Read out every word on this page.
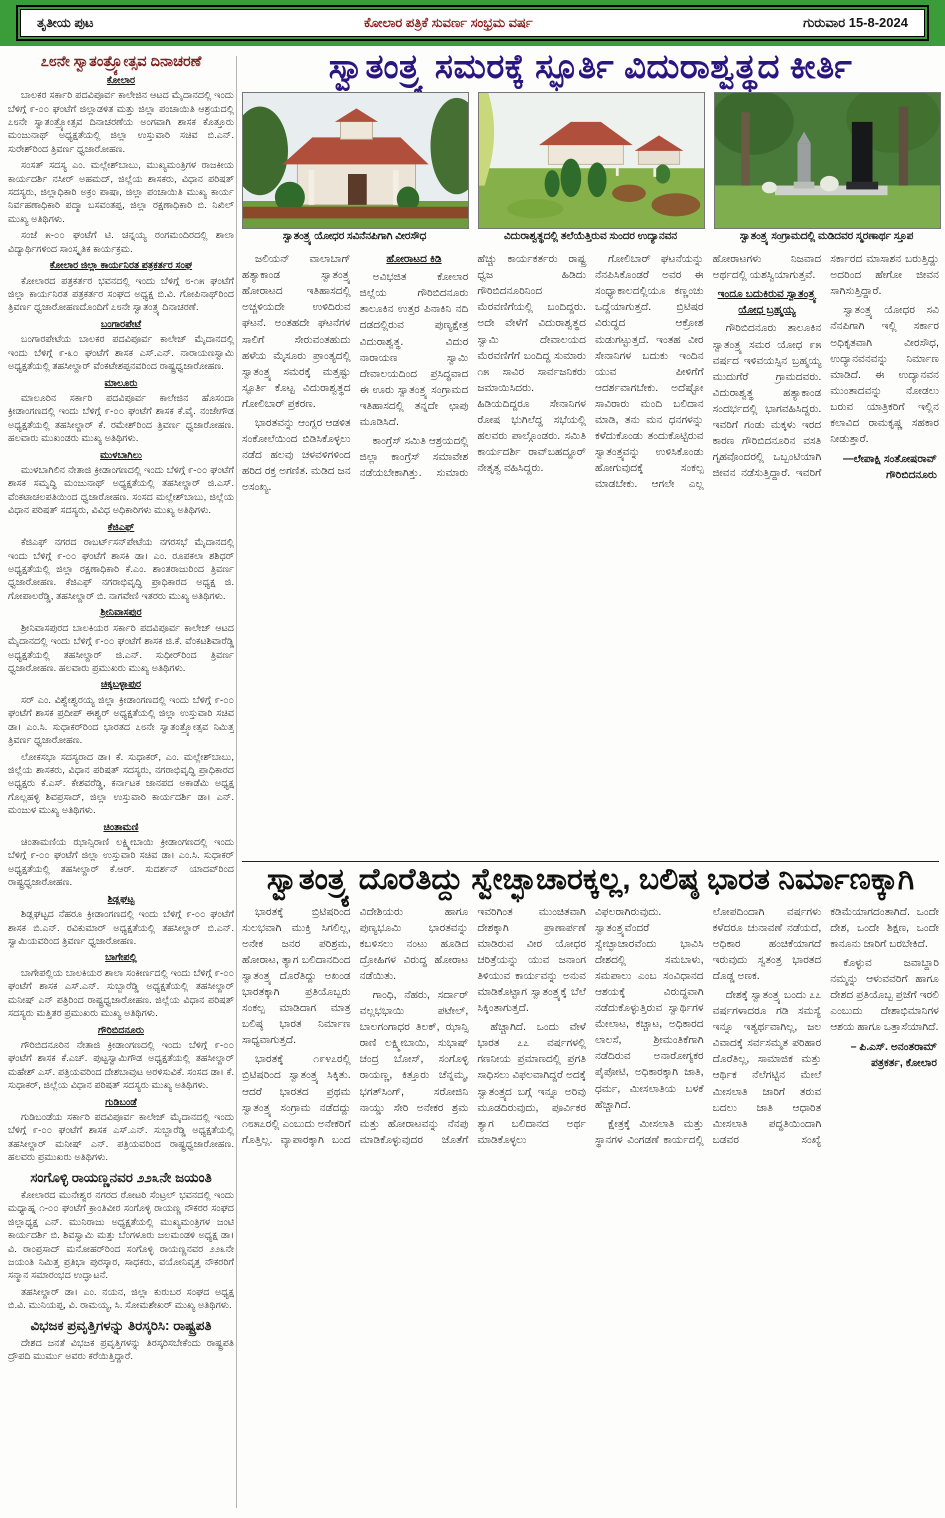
ತೃತೀಯ ಪುಟ	ಕೋಲಾರ ಪತ್ರಿಕೆ ಸುವರ್ಣ ಸಂಭ್ರಮ ವರ್ಷ	ಗುರುವಾರ 15-8-2024
೭೮ನೇ ಸ್ವಾತಂತ್ರ್ಯೋತ್ಸವ ದಿನಾಚರಣೆ
ಕೋಲಾರ

ಬಾಲಕರ ಸರ್ಕಾರಿ ಪದವಿಪೂರ್ವ ಕಾಲೇಜಿನ ಆಟದ ಮೈದಾನದಲ್ಲಿ ಇಂದು ಬೆಳಿಗ್ಗೆ ೯-೦೦ ಘಂಟೆಗೆ ಜಿಲ್ಲಾಡಳಿತ ಮತ್ತು ಜಿಲ್ಲಾ ಪಂಚಾಯಿತಿ ಆಶ್ರಯದಲ್ಲಿ ೭೮ನೇ ಸ್ವಾತಂತ್ರ್ಯೋತ್ಸವ ದಿನಾಚರಣೆಯ ಅಂಗವಾಗಿ ಶಾಸಕ ಕೊತ್ತೂರು ಮಂಜುನಾಥ್ ಅಧ್ಯಕ್ಷತೆಯಲ್ಲಿ ಜಿಲ್ಲಾ ಉಸ್ತುವಾರಿ ಸಚಿವ ಬಿ.ಎನ್. ಸುರೇಶ್‌ರಿಂದ ತ್ರಿವರ್ಣ ಧ್ವಜಾರೋಹಣ.

ಸಂಸತ್ ಸದಸ್ಯ ಎಂ. ಮಲ್ಲೇಶ್‌ಬಾಬು, ಮುಖ್ಯಮಂತ್ರಿಗಳ ರಾಜಕೀಯ ಕಾರ್ಯದರ್ಶಿ ನಸೀರ್ ಅಹಮದ್, ಜಿಲ್ಲೆಯ ಶಾಸಕರು, ವಿಧಾನ ಪರಿಷತ್ ಸದಸ್ಯರು, ಜಿಲ್ಲಾಧಿಕಾರಿ ಅಕ್ರಂ ಪಾಷಾ, ಜಿಲ್ಲಾ ಪಂಚಾಯಿತಿ ಮುಖ್ಯ ಕಾರ್ಯ ನಿರ್ವಹಣಾಧಿಕಾರಿ ಪದ್ಮಾ ಬಸವಂತಪ್ಪ, ಜಿಲ್ಲಾ ರಕ್ಷಣಾಧಿಕಾರಿ ಬಿ. ನಿಖಿಲ್ ಮುಖ್ಯ ಅತಿಥಿಗಳು.

ಸಂಜೆ ೫-೦೦ ಘಂಟೆಗೆ ಟಿ. ಚನ್ನಯ್ಯ ರಂಗಮಂದಿರದಲ್ಲಿ ಶಾಲಾ ವಿದ್ಯಾರ್ಥಿಗಳಿಂದ ಸಾಂಸ್ಕೃತಿಕ ಕಾರ್ಯಕ್ರಮ.

ಕೋಲಾರ ಜಿಲ್ಲಾ ಕಾರ್ಯನಿರತ ಪತ್ರಕರ್ತರ ಸಂಘ

ಕೋಲಾರದ ಪತ್ರಕರ್ತರ ಭವನದಲ್ಲಿ ಇಂದು ಬೆಳಿಗ್ಗೆ ೮-೧೫ ಘಂಟೆಗೆ ಜಿಲ್ಲಾ ಕಾರ್ಯನಿರತ ಪತ್ರಕರ್ತರ ಸಂಘದ ಅಧ್ಯಕ್ಷ ಬಿ.ವಿ. ಗೋಪಿನಾಥ್‌ರಿಂದ ತ್ರಿವರ್ಣ ಧ್ವಜಾರೋಹಣದೊಂದಿಗೆ ೭೮ನೇ ಸ್ವಾತಂತ್ರ್ಯ ದಿನಾಚರಣೆ.

ಬಂಗಾರಪೇಟೆ

ಬಂಗಾರಪೇಟೆಯ ಬಾಲಕರ ಪದವಿಪೂರ್ವ ಕಾಲೇಜ್ ಮೈದಾನದಲ್ಲಿ ಇಂದು ಬೆಳಿಗ್ಗೆ ೯-೩೦ ಘಂಟೆಗೆ ಶಾಸಕ ಎಸ್.ಎನ್. ನಾರಾಯಣಸ್ವಾಮಿ ಅಧ್ಯಕ್ಷತೆಯಲ್ಲಿ ತಹಸೀಲ್ದಾರ್ ವೆಂಕಟೇಶಪ್ಪನವರಿಂದ ರಾಷ್ಟ್ರಧ್ವಜಾರೋಹಣ.

ಮಾಲೂರು

ಮಾಲೂರಿನ ಸರ್ಕಾರಿ ಪದವಿಪೂರ್ವ ಕಾಲೇಜಿನ ಹೊಸಂದಾ ಕ್ರೀಡಾಂಗಣದಲ್ಲಿ ಇಂದು ಬೆಳಿಗ್ಗೆ ೯-೦೦ ಘಂಟೆಗೆ ಶಾಸಕ ಕೆ.ವೈ. ನಂಜೇಗೌಡ ಅಧ್ಯಕ್ಷತೆಯಲ್ಲಿ ತಹಸೀಲ್ದಾರ್ ಕೆ. ರಮೇಶ್‌ರಿಂದ ತ್ರಿವರ್ಣ ಧ್ವಜಾರೋಹಣ. ಹಲವಾರು ಮುಖಂಡರು ಮುಖ್ಯ ಅತಿಥಿಗಳು.

ಮುಳಬಾಗಿಲು

ಮುಳಬಾಗಿಲಿನ ನೇತಾಜಿ ಕ್ರೀಡಾಂಗಣದಲ್ಲಿ ಇಂದು ಬೆಳಿಗ್ಗೆ ೯-೦೦ ಘಂಟೆಗೆ ಶಾಸಕ ಸಮೃದ್ಧಿ ಮಂಜುನಾಥ್ ಅಧ್ಯಕ್ಷತೆಯಲ್ಲಿ ತಹಸೀಲ್ದಾರ್ ಜಿ.ಎಸ್. ವೆಂಕಟಾಚಲಪತಿಯಿಂದ ಧ್ವಜಾರೋಹಣ. ಸಂಸದ ಮಲ್ಲೇಶ್‌ಬಾಬು, ಜಿಲ್ಲೆಯ ವಿಧಾನ ಪರಿಷತ್ ಸದಸ್ಯರು, ವಿವಿಧ ಅಧಿಕಾರಿಗಳು ಮುಖ್ಯ ಅತಿಥಿಗಳು.

ಕೆಜಿಎಫ್

ಕೆಜಿಎಫ್ ನಗರದ ರಾಬರ್ಟ್‌ಸನ್‌ಪೇಟೆಯ ನಗರಸಭೆ ಮೈದಾನದಲ್ಲಿ ಇಂದು ಬೆಳಿಗ್ಗೆ ೯-೦೦ ಘಂಟೆಗೆ ಶಾಸಕಿ ಡಾ। ಎಂ. ರೂಪಕಲಾ ಶಶಿಧರ್ ಅಧ್ಯಕ್ಷತೆಯಲ್ಲಿ ಜಿಲ್ಲಾ ರಕ್ಷಣಾಧಿಕಾರಿ ಕೆ.ಎಂ. ಶಾಂತರಾಜುರಿಂದ ತ್ರಿವರ್ಣ ಧ್ವಜಾರೋಹಣ. ಕೆಜಿಎಫ್ ನಗರಾಭಿವೃದ್ಧಿ ಪ್ರಾಧಿಕಾರದ ಅಧ್ಯಕ್ಷ ಜಿ. ಗೋಪಾಲರೆಡ್ಡಿ, ತಹಸೀಲ್ದಾರ್ ಬಿ. ನಾಗವೇಣಿ ಇತರರು ಮುಖ್ಯ ಅತಿಥಿಗಳು.

ಶ್ರೀನಿವಾಸಪುರ

ಶ್ರೀನಿವಾಸಪುರದ ಬಾಲಕಿಯರ ಸರ್ಕಾರಿ ಪದವಿಪೂರ್ವ ಕಾಲೇಜ್ ಆಟದ ಮೈದಾನದಲ್ಲಿ ಇಂದು ಬೆಳಿಗ್ಗೆ ೯-೦೦ ಘಂಟೆಗೆ ಶಾಸಕ ಜಿ.ಕೆ. ವೆಂಕಟಶಿವಾರೆಡ್ಡಿ ಅಧ್ಯಕ್ಷತೆಯಲ್ಲಿ ತಹಸೀಲ್ದಾರ್ ಜಿ.ಎನ್. ಸುಧೀರ್‌ರಿಂದ ತ್ರಿವರ್ಣ ಧ್ವಜಾರೋಹಣ. ಹಲವಾರು ಪ್ರಮುಖರು ಮುಖ್ಯ ಅತಿಥಿಗಳು.

ಚಿಕ್ಕಬಳ್ಳಾಪುರ

ಸರ್ ಎಂ. ವಿಶ್ವೇಶ್ವರಯ್ಯ ಜಿಲ್ಲಾ ಕ್ರೀಡಾಂಗಣದಲ್ಲಿ ಇಂದು ಬೆಳಿಗ್ಗೆ ೯-೦೦ ಘಂಟೆಗೆ ಶಾಸಕ ಪ್ರದೀಪ್ ಈಶ್ವರ್ ಅಧ್ಯಕ್ಷತೆಯಲ್ಲಿ ಜಿಲ್ಲಾ ಉಸ್ತುವಾರಿ ಸಚಿವ ಡಾ। ಎಂ.ಸಿ. ಸುಧಾಕರ್‌ರಿಂದ ಭಾರತದ ೭೮ನೇ ಸ್ವಾತಂತ್ರ್ಯೋತ್ಸವ ನಿಮಿತ್ತ ತ್ರಿವರ್ಣ ಧ್ವಜಾರೋಹಣ.

ಲೋಕಸಭಾ ಸದಸ್ಯರಾದ ಡಾ। ಕೆ. ಸುಧಾಕರ್, ಎಂ. ಮಲ್ಲೇಶ್‌ಬಾಬು, ಜಿಲ್ಲೆಯ ಶಾಸಕರು, ವಿಧಾನ ಪರಿಷತ್ ಸದಸ್ಯರು, ನಗರಾಭಿವೃದ್ಧಿ ಪ್ರಾಧಿಕಾರದ ಅಧ್ಯಕ್ಷರು ಕೆ.ಎಸ್. ಕೇಶವರೆಡ್ಡಿ, ಕರ್ನಾಟಕ ಜಾನಪದ ಅಕಾಡೆಮಿ ಅಧ್ಯಕ್ಷ ಗೊಲ್ಲಹಳ್ಳಿ ಶಿವಪ್ರಸಾದ್, ಜಿಲ್ಲಾ ಉಸ್ತುವಾರಿ ಕಾರ್ಯದರ್ಶಿ ಡಾ। ಎನ್. ಮಂಜುಳ ಮುಖ್ಯ ಅತಿಥಿಗಳು.

ಚಿಂತಾಮಣಿ

ಚಿಂತಾಮಣಿಯ ಝಾನ್ಸಿರಾಣಿ ಲಕ್ಷ್ಮೀಬಾಯಿ ಕ್ರೀಡಾಂಗಣದಲ್ಲಿ ಇಂದು ಬೆಳಿಗ್ಗೆ ೯-೦೦ ಘಂಟೆಗೆ ಜಿಲ್ಲಾ ಉಸ್ತುವಾರಿ ಸಚಿವ ಡಾ। ಎಂ.ಸಿ. ಸುಧಾಕರ್ ಅಧ್ಯಕ್ಷತೆಯಲ್ಲಿ ತಹಸೀಲ್ದಾರ್ ಕೆ.ಆರ್. ಸುದರ್ಶನ್ ಯಾದವ್‌ರಿಂದ ರಾಷ್ಟ್ರಧ್ವಜಾರೋಹಣ.

ಶಿಡ್ಲಘಟ್ಟ

ಶಿಡ್ಲಘಟ್ಟದ ನೆಹರೂ ಕ್ರೀಡಾಂಗಣದಲ್ಲಿ ಇಂದು ಬೆಳಿಗ್ಗೆ ೯-೦೦ ಘಂಟೆಗೆ ಶಾಸಕ ಬಿ.ಎನ್. ರವಿಕುಮಾರ್ ಅಧ್ಯಕ್ಷತೆಯಲ್ಲಿ ತಹಸೀಲ್ದಾರ್ ಬಿ.ಎನ್. ಸ್ವಾಮಿಯವರಿಂದ ತ್ರಿವರ್ಣ ಧ್ವಜಾರೋಹಣ.

ಬಾಗೇಪಲ್ಲಿ

ಬಾಗೇಪಲ್ಲಿಯ ಬಾಲಕಿಯರ ಶಾಲಾ ಸಂಕೀರ್ಣದಲ್ಲಿ ಇಂದು ಬೆಳಿಗ್ಗೆ ೯-೦೦ ಘಂಟೆಗೆ ಶಾಸಕ ಎಸ್.ಎನ್. ಸುಬ್ಬಾರೆಡ್ಡಿ ಅಧ್ಯಕ್ಷತೆಯಲ್ಲಿ ತಹಸೀಲ್ದಾರ್ ಮನೀಷ್ ಎನ್ ಪತ್ರಿರಿಂದ ರಾಷ್ಟ್ರಧ್ವಜಾರೋಹಣ. ಜಿಲ್ಲೆಯ ವಿಧಾನ ಪರಿಷತ್ ಸದಸ್ಯರು ಮತ್ತಿತರ ಪ್ರಮುಖರು ಮುಖ್ಯ ಅತಿಥಿಗಳು.

ಗೌರಿಬಿದನೂರು

ಗೌರಿಬಿದನೂರಿನ ನೇತಾಜಿ ಕ್ರೀಡಾಂಗಣದಲ್ಲಿ ಇಂದು ಬೆಳಿಗ್ಗೆ ೯-೦೦ ಘಂಟೆಗೆ ಶಾಸಕ ಕೆ.ಎಚ್. ಪುಟ್ಟಸ್ವಾಮಿಗೌಡ ಅಧ್ಯಕ್ಷತೆಯಲ್ಲಿ ತಹಸೀಲ್ದಾರ್ ಮಹೇಶ್ ಎಸ್. ಪತ್ರಿಯವರಿಂದ ದೇಶಬಾವುಟ ಅರಳಿಸುವಿಕೆ. ಸಂಸದ ಡಾ। ಕೆ. ಸುಧಾಕರ್, ಜಿಲ್ಲೆಯ ವಿಧಾನ ಪರಿಷತ್ ಸದಸ್ಯರು ಮುಖ್ಯ ಅತಿಥಿಗಳು.

ಗುಡಿಬಂಡೆ

ಗುಡಿಬಂಡೆಯ ಸರ್ಕಾರಿ ಪದವಿಪೂರ್ವ ಕಾಲೇಜ್ ಮೈದಾನದಲ್ಲಿ ಇಂದು ಬೆಳಿಗ್ಗೆ ೯-೦೦ ಘಂಟೆಗೆ ಶಾಸಕ ಎಸ್.ಎನ್. ಸುಬ್ಬಾರೆಡ್ಡಿ ಅಧ್ಯಕ್ಷತೆಯಲ್ಲಿ ತಹಸೀಲ್ದಾರ್ ಮನೀಷ್ ಎನ್. ಪತ್ರಿಯವರಿಂದ ರಾಷ್ಟ್ರಧ್ವಜಾರೋಹಣ. ಹಲವರು ಪ್ರಮುಖರು ಅತಿಥಿಗಳು.

ಸಂಗೊಳ್ಳಿ ರಾಯಣ್ಣನವರ ೨೨೩ನೇ ಜಯಂತಿ

ಕೋಲಾರದ ಮುನೇಶ್ವರ ನಗರದ ರೋಟರಿ ಸೆಂಟ್ರಲ್ ಭವನದಲ್ಲಿ ಇಂದು ಮಧ್ಯಾಹ್ನ ೧-೦೦ ಘಂಟೆಗೆ ಕ್ರಾಂತಿವೀರ ಸಂಗೊಳ್ಳಿ ರಾಯಣ್ಣ ನೌಕರರ ಸಂಘದ ಜಿಲ್ಲಾಧ್ಯಕ್ಷ ಎನ್. ಮುನಿರಾಜು ಅಧ್ಯಕ್ಷತೆಯಲ್ಲಿ ಮುಖ್ಯಮಂತ್ರಿಗಳ ಜಂಟಿ ಕಾರ್ಯದರ್ಶಿ ಬಿ. ಶಿವಸ್ವಾಮಿ ಮತ್ತು ಬೆಂಗಳೂರು ಜಲಮಂಡಳಿ ಅಧ್ಯಕ್ಷ ಡಾ। ವಿ. ರಾಂಪ್ರಸಾದ್ ಮನೋಹರ್‌ರಿಂದ ಸಂಗೊಳ್ಳಿ ರಾಯಣ್ಣನವರ ೨೨೩ನೇ ಜಯಂತಿ ನಿಮಿತ್ತ ಪ್ರತಿಭಾ ಪುರಸ್ಕಾರ, ಸಾಧಕರು, ವಯೋನಿವೃತ್ತ ನೌಕರರಿಗೆ ಸನ್ಮಾನ ಸಮಾರಂಭದ ಉದ್ಘಾಟನೆ.

ತಹಸೀಲ್ದಾರ್ ಡಾ। ಎಂ. ನಯನ, ಜಿಲ್ಲಾ ಕುರುಬರ ಸಂಘದ ಅಧ್ಯಕ್ಷ ಬಿ.ವಿ. ಮುನಿಯಪ್ಪ, ವಿ. ರಾಮಯ್ಯ, ಸಿ. ಸೋಮಶೇಖರ್ ಮುಖ್ಯ ಅತಿಥಿಗಳು.

ವಿಭಜಕ ಪ್ರವೃತ್ತಿಗಳನ್ನು ತಿರಸ್ಕರಿಸಿ: ರಾಷ್ಟ್ರಪತಿ

ದೇಶದ ಜನತೆ ವಿಭಜಕ ಪ್ರವೃತ್ತಿಗಳನ್ನು ತಿರಸ್ಕರಿಸಬೇಕೆಂದು ರಾಷ್ಟ್ರಪತಿ ದ್ರೌಪದಿ ಮುರ್ಮು ಅವರು ಕರೆಯಿತ್ತಿದ್ದಾರೆ.

ಸ್ವಾತಂತ್ರ್ಯ ಸಮರಕ್ಕೆ ಸ್ಫೂರ್ತಿ ವಿದುರಾಶ್ವತ್ಥದ ಕೀರ್ತಿ
ಸ್ವಾತಂತ್ರ್ಯ ಯೋಧರ ಸವಿನೆನಪಿಗಾಗಿ ವೀರಸೌಧ	ವಿದುರಾಶ್ವತ್ಥದಲ್ಲಿ ತಲೆಯೆತ್ತಿರುವ ಸುಂದರ ಉದ್ಯಾನವನ	ಸ್ವಾತಂತ್ರ್ಯ ಸಂಗ್ರಾಮದಲ್ಲಿ ಮಡಿದವರ ಸ್ಮರಣಾರ್ಥ ಸ್ತೂಪ

ಜಲಿಯನ್ ವಾಲಾಬಾಗ್ ಹತ್ಯಾಕಾಂಡ ಸ್ವಾತಂತ್ರ್ಯ ಹೋರಾಟದ ಇತಿಹಾಸದಲ್ಲಿ ಅಚ್ಚಳಿಯದೇ ಉಳಿದಿರುವ ಘಟನೆ. ಅಂತಹದೇ ಘಟನೆಗಳ ಸಾಲಿಗೆ ಸೇರುವಂತಹುದು ಹಳೆಯ ಮೈಸೂರು ಪ್ರಾಂತ್ಯದಲ್ಲಿ ಸ್ವಾತಂತ್ರ್ಯ ಸಮರಕ್ಕೆ ಮತ್ತಷ್ಟು ಸ್ಫೂರ್ತಿ ಕೊಟ್ಟ ವಿದುರಾಶ್ವತ್ಥದ ಗೋಲಿಬಾರ್ ಪ್ರಕರಣ.

ಭಾರತವನ್ನು ಆಂಗ್ಲರ ಆಡಳಿತ ಸಂಕೋಲೆಯಿಂದ ಬಿಡಿಸಿಕೊಳ್ಳಲು ನಡೆದ ಹಲವು ಚಳವಳಿಗಳಿಂದ ಹರಿದ ರಕ್ತ ಅಗಣಿತ. ಮಡಿದ ಜನ ಅಸಂಖ್ಯ.

ಹೋರಾಟದ ಕಿಡಿ

ಅವಿಭಜಿತ ಕೋಲಾರ ಜಿಲ್ಲೆಯ ಗೌರಿಬಿದನೂರು ತಾಲೂಕಿನ ಉತ್ತರ ಪಿನಾಕಿನಿ ನದಿ ದಡದಲ್ಲಿರುವ ಪುಣ್ಯಕ್ಷೇತ್ರ ವಿದುರಾಶ್ವತ್ಥ. ವಿದುರ ನಾರಾಯಣ ಸ್ವಾಮಿ ದೇವಾಲಯದಿಂದ ಪ್ರಸಿದ್ಧವಾದ ಈ ಊರು ಸ್ವಾತಂತ್ರ್ಯ ಸಂಗ್ರಾಮದ ಇತಿಹಾಸದಲ್ಲಿ ತನ್ನದೇ ಛಾಪು ಮೂಡಿಸಿದೆ.

ಕಾಂಗ್ರೆಸ್ ಸಮಿತಿ ಆಶ್ರಯದಲ್ಲಿ ಜಿಲ್ಲಾ ಕಾಂಗ್ರೆಸ್ ಸಮಾವೇಶ ನಡೆಯಬೇಕಾಗಿತ್ತು. ಸುಮಾರು ಹೆಚ್ಚು ಕಾರ್ಯಕರ್ತರು ರಾಷ್ಟ್ರ ಧ್ವಜ ಹಿಡಿದು ಗೌರಿಬಿದನೂರಿನಿಂದ ಮೆರವಣಿಗೆಯಲ್ಲಿ ಬಂದಿದ್ದರು. ಅದೇ ವೇಳೆಗೆ ವಿದುರಾಶ್ವತ್ಥದ ಸ್ವಾಮಿ ದೇವಾಲಯದ ಮೆರವಣಿಗೆಗೆ ಬಂದಿದ್ದ ಸುಮಾರು ೧೫ ಸಾವಿರ ಸಾರ್ವಜನಿಕರು ಜಮಾಯಿಸಿದರು. ಹಿಡಿಯದಿದ್ದರೂ ಸೇನಾನಿಗಳ ರೋಷ ಭುಗಿಲೆದ್ದ ಸಭೆಯಲ್ಲಿ ಹಲವರು ಪಾಲ್ಗೊಂಡರು. ಸಮಿತಿ ಕಾರ್ಯದರ್ಶಿ ರಾವ್‌ಬಹದ್ದೂರ್ ನೇತೃತ್ವ ವಹಿಸಿದ್ದರು.

ಗೋಲಿಬಾರ್ ಘಟನೆಯನ್ನು ನೆನಪಿಸಿಕೊಂಡರೆ ಅವರ ಈ ಸಂಧ್ಯಾಕಾಲದಲ್ಲಿಯೂ ಕಣ್ಣಂಚು ಒದ್ದೆಯಾಗುತ್ತದೆ. ಬ್ರಿಟಿಷರ ವಿರುದ್ಧದ ಆಕ್ರೋಶ ಮಡುಗಟ್ಟುತ್ತದೆ. ಇಂತಹ ವೀರ ಸೇನಾನಿಗಳ ಬದುಕು ಇಂದಿನ ಯುವ ಪೀಳಿಗೆಗೆ ಆದರ್ಶವಾಗಬೇಕು. ಅದೆಷ್ಟೋ ಸಾವಿರಾರು ಮಂದಿ ಬಲಿದಾನ ಮಾಡಿ, ತನು ಮನ ಧನಗಳನ್ನು ಕಳೆದುಕೊಂಡು ತಂದುಕೊಟ್ಟಿರುವ ಸ್ವಾತಂತ್ರ್ಯವನ್ನು ಉಳಿಸಿಕೊಂಡು ಹೋಗುವುದಕ್ಕೆ ಸಂಕಲ್ಪ ಮಾಡಬೇಕು. ಆಗಲೇ ಎಲ್ಲ ಹೋರಾಟಗಳು ನಿಜವಾದ ಅರ್ಥದಲ್ಲಿ ಯಶಸ್ವಿಯಾಗುತ್ತವೆ.

ಇಂದೂ ಬದುಕಿರುವ ಸ್ವಾತಂತ್ರ್ಯ ಯೋಧ ಬ್ರಹ್ಮಯ್ಯ

ಗೌರಿಬಿದನೂರು ತಾಲೂಕಿನ ಸ್ವಾತಂತ್ರ್ಯ ಸಮರ ಯೋಧ ೯೫ ವರ್ಷದ ಇಳಿವಯಸ್ಸಿನ ಬ್ರಹ್ಮಯ್ಯ ಮುದುಗೆರೆ ಗ್ರಾಮದವರು. ವಿದುರಾಶ್ವತ್ಥ ಹತ್ಯಾಕಾಂಡ ಸಂದರ್ಭದಲ್ಲಿ ಭಾಗವಹಿಸಿದ್ದರು. ಇವರಿಗೆ ಗಂಡು ಮಕ್ಕಳು ಇರದ ಕಾರಣ ಗೌರಿಬಿದನೂರಿನ ವಸತಿ ಗೃಹವೊಂದರಲ್ಲಿ ಒಬ್ಬಂಟಿಯಾಗಿ ಜೀವನ ನಡೆಸುತ್ತಿದ್ದಾರೆ. ಇವರಿಗೆ ಸರ್ಕಾರದ ಮಾಸಾಶನ ಬರುತ್ತಿದ್ದು ಅದರಿಂದ ಹೇಗೋ ಜೀವನ ಸಾಗಿಸುತ್ತಿದ್ದಾರೆ.

ಸ್ವಾತಂತ್ರ್ಯ ಯೋಧರ ಸವಿ ನೆನಪಿಗಾಗಿ ಇಲ್ಲಿ ಸರ್ಕಾರ ಅಧಿಕೃತವಾಗಿ ವೀರಸೌಧ, ಉದ್ಯಾನವನವನ್ನು ನಿರ್ಮಾಣ ಮಾಡಿದೆ. ಈ ಉದ್ಯಾನವನ ಮುಂತಾದವನ್ನು ನೋಡಲು ಬರುವ ಯಾತ್ರಿಕರಿಗೆ ಇಲ್ಲಿನ ಕಲಾವಿದ ರಾಮಕೃಷ್ಣ ಸಹಕಾರ ನೀಡುತ್ತಾರೆ.

—ಲೇಪಾಕ್ಷಿ ಸಂತೋಷರಾವ್
ಗೌರಿಬಿದನೂರು
ಸ್ವಾತಂತ್ರ್ಯ ದೊರೆತಿದ್ದು ಸ್ವೇಚ್ಛಾಚಾರಕ್ಕಲ್ಲ, ಬಲಿಷ್ಠ ಭಾರತ ನಿರ್ಮಾಣಕ್ಕಾಗಿ

ಭಾರತಕ್ಕೆ ಬ್ರಿಟಿಷರಿಂದ ಸುಲಭವಾಗಿ ಮುಕ್ತಿ ಸಿಗಲಿಲ್ಲ, ಅನೇಕ ಜನರ ಪರಿಶ್ರಮ, ಹೋರಾಟ, ತ್ಯಾಗ ಬಲಿದಾನದಿಂದ ಸ್ವಾತಂತ್ರ್ಯ ದೊರೆತಿದ್ದು ಅಖಂಡ ಭಾರತಕ್ಕಾಗಿ ಪ್ರತಿಯೊಬ್ಬರು ಸಂಕಲ್ಪ ಮಾಡಿದಾಗ ಮಾತ್ರ ಬಲಿಷ್ಠ ಭಾರತ ನಿರ್ಮಾಣ ಸಾಧ್ಯವಾಗುತ್ತದೆ.

ಭಾರತಕ್ಕೆ ೧೯೪೭ರಲ್ಲಿ ಬ್ರಿಟಿಷರಿಂದ ಸ್ವಾತಂತ್ರ್ಯ ಸಿಕ್ಕಿತು. ಆದರೆ ಭಾರತದ ಪ್ರಥಮ ಸ್ವಾತಂತ್ರ್ಯ ಸಂಗ್ರಾಮ ನಡೆದದ್ದು ೧೮೫೭ರಲ್ಲಿ ಎಂಬುದು ಅನೇಕರಿಗೆ ಗೊತ್ತಿಲ್ಲ. ವ್ಯಾಪಾರಕ್ಕಾಗಿ ಬಂದ ವಿದೇಶಿಯರು ಹಾಗೂ ಪುಣ್ಯಭೂಮಿ ಭಾರತವನ್ನು ಕಬಳಿಸಲು ನಂಟು ಹೂಡಿದ ದ್ರೋಹಿಗಳ ವಿರುದ್ಧ ಹೋರಾಟ ನಡೆಯಿತು.

ಗಾಂಧಿ, ನೆಹರು, ಸರ್ದಾರ್ ವಲ್ಲಭಭಾಯಿ ಪಟೇಲ್, ಬಾಲಗಂಗಾಧರ ತಿಲಕ್, ಝಾನ್ಸಿ ರಾಣಿ ಲಕ್ಷ್ಮೀಬಾಯಿ, ಸುಭಾಷ್ ಚಂದ್ರ ಬೋಸ್, ಸಂಗೊಳ್ಳಿ ರಾಯಣ್ಣ, ಕಿತ್ತೂರು ಚೆನ್ನಮ್ಮ, ಭಗತ್‌ಸಿಂಗ್, ಸರೋಜಿನಿ ನಾಯ್ಡು ಸೇರಿ ಅನೇಕರ ಶ್ರಮ ಮತ್ತು ಹೋರಾಟವನ್ನು ನೆನಪು ಮಾಡಿಕೊಳ್ಳುವುದರ ಜೊತೆಗೆ ಇವರಿಗಿಂತ ಮುಂಚಿತವಾಗಿ ದೇಶಕ್ಕಾಗಿ ಪ್ರಾಣಾರ್ಪಣೆ ಮಾಡಿರುವ ವೀರ ಯೋಧರ ಚರಿತ್ರೆಯನ್ನು ಯುವ ಜನಾಂಗ ತಿಳಿಯುವ ಕಾರ್ಯವನ್ನು ಅನುವ ಮಾಡಿಕೊಟ್ಟಾಗ ಸ್ವಾತಂತ್ರ್ಯಕ್ಕೆ ಬೆಲೆ ಸಿಕ್ಕಿಂತಾಗುತ್ತದೆ.

ಹೆಚ್ಚಾಗಿದೆ. ಒಂದು ವೇಳೆ ಭಾರತ ೭೭ ವರ್ಷಗಳಲ್ಲಿ ಗಣನೀಯ ಪ್ರಮಾಣದಲ್ಲಿ ಪ್ರಗತಿ ಸಾಧಿಸಲು ವಿಫಲವಾಗಿದ್ದರೆ ಅದಕ್ಕೆ ಸ್ವಾತಂತ್ರ್ಯದ ಬಗ್ಗೆ ಇನ್ನೂ ಅರಿವು ಮೂಡದಿರುವುದು, ಪೂರ್ವಿಕರ ತ್ಯಾಗ ಬಲಿದಾನದ ಅರ್ಥ ಮಾಡಿಕೊಳ್ಳಲು ವಿಫಲರಾಗಿರುವುದು. ಸ್ವಾತಂತ್ರ್ಯವೆಂದರೆ ಸ್ವೇಚ್ಛಾಚಾರವೆಂದು ಭಾವಿಸಿ ದೇಶದಲ್ಲಿ ಸಮಬಾಳು, ಸಮಪಾಲು ಎಂಬ ಸಂವಿಧಾನದ ಆಶಯಕ್ಕೆ ವಿರುದ್ಧವಾಗಿ ನಡೆದುಕೊಳ್ಳುತ್ತಿರುವ ಸ್ವಾರ್ಥಿಗಳ ಮೇಲಾಟ, ಕಚ್ಚಾಟ, ಅಧಿಕಾರದ ಲಾಲಸೆ, ಶ್ರೀಮಂತಿಕೆಗಾಗಿ ನಡೆದಿರುವ ಅನಾರೋಗ್ಯಕರ ಪೈಪೋಟಿ, ಅಧಿಕಾರಕ್ಕಾಗಿ ಜಾತಿ, ಧರ್ಮ, ಮೀಸಲಾತಿಯ ಬಳಕೆ ಹೆಚ್ಚಾಗಿದೆ.

ಕ್ಷೇತ್ರಕ್ಕೆ ಮೀಸಲಾತಿ ಮತ್ತು ಸ್ಥಾನಗಳ ವಿಂಗಡಣೆ ಕಾರ್ಯದಲ್ಲಿ ಲೋಪದಿಂದಾಗಿ ವರ್ಷಗಳು ಕಳೆದರೂ ಚುನಾವಣೆ ನಡೆಯದೆ, ಅಧಿಕಾರ ಹಂಚಿಕೆಯಾಗದೆ ಇರುವುದು ಸ್ವತಂತ್ರ ಭಾರತದ ದೊಡ್ಡ ಅಣಕ.

ದೇಶಕ್ಕೆ ಸ್ವಾತಂತ್ರ್ಯ ಬಂದು ೭೭ ವರ್ಷಗಳಾದರೂ ಗಡಿ ಸಮಸ್ಯೆ ಇನ್ನೂ ಇತ್ಯರ್ಥವಾಗಿಲ್ಲ, ಜಲ ವಿವಾದಕ್ಕೆ ಸರ್ವಸಮ್ಮತ ಪರಿಹಾರ ದೊರೆತಿಲ್ಲ, ಸಾಮಾಜಿಕ ಮತ್ತು ಆರ್ಥಿಕ ನೆಲೆಗಟ್ಟಿನ ಮೇಲೆ ಮೀಸಲಾತಿ ಜಾರಿಗೆ ತರುವ ಬದಲು ಜಾತಿ ಆಧಾರಿತ ಮೀಸಲಾತಿ ಪದ್ಧತಿಯಿಂದಾಗಿ ಬಡವರ ಸಂಖ್ಯೆ ಕಡಿಮೆಯಾಗದಂತಾಗಿದೆ. ಒಂದೇ ದೇಶ, ಒಂದೇ ಶಿಕ್ಷಣ, ಒಂದೇ ಕಾನೂನು ಜಾರಿಗೆ ಬರಬೇಕಿದೆ.

ಕೊಳ್ಳುವ ಜವಾಬ್ದಾರಿ ನಮ್ಮನ್ನು ಆಳುವವರಿಗೆ ಹಾಗೂ ದೇಶದ ಪ್ರತಿಯೊಬ್ಬ ಪ್ರಜೆಗೆ ಇರಲಿ ಎಂಬುದು ದೇಶಾಭಿಮಾನಿಗಳ ಆಶಯ ಹಾಗೂ ಒತ್ತಾಸೆಯಾಗಿದೆ.

– ಪಿ.ಎಸ್. ಅನಂತರಾಮ್
ಪತ್ರಕರ್ತ, ಕೋಲಾರ
